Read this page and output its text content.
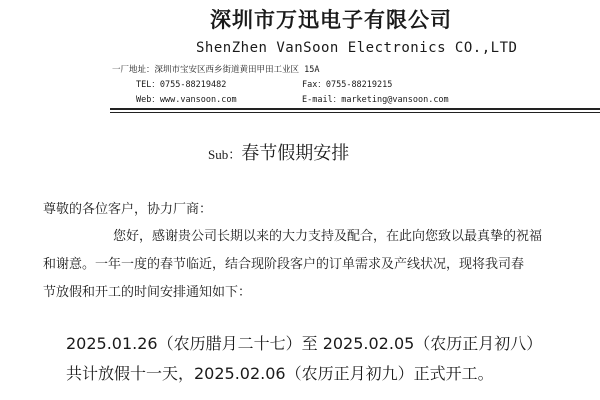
深圳市万迅电子有限公司
ShenZhen VanSoon Electronics CO.,LTD
一厂地址：深圳市宝安区西乡街道黄田甲田工业区 15A
TEL：0755-88219482	Fax：0755-88219215
Web：www.vansoon.com	E-mail：marketing@vansoon.com
Sub：春节假期安排
尊敬的各位客户，协力厂商：
您好，感谢贵公司长期以来的大力支持及配合，在此向您致以最真挚的祝福
和谢意。一年一度的春节临近，结合现阶段客户的订单需求及产线状况，现将我司春
节放假和开工的时间安排通知如下：
2025.01.26（农历腊月二十七）至 2025.02.05（农历正月初八）
共计放假十一天，2025.02.06（农历正月初九）正式开工。
